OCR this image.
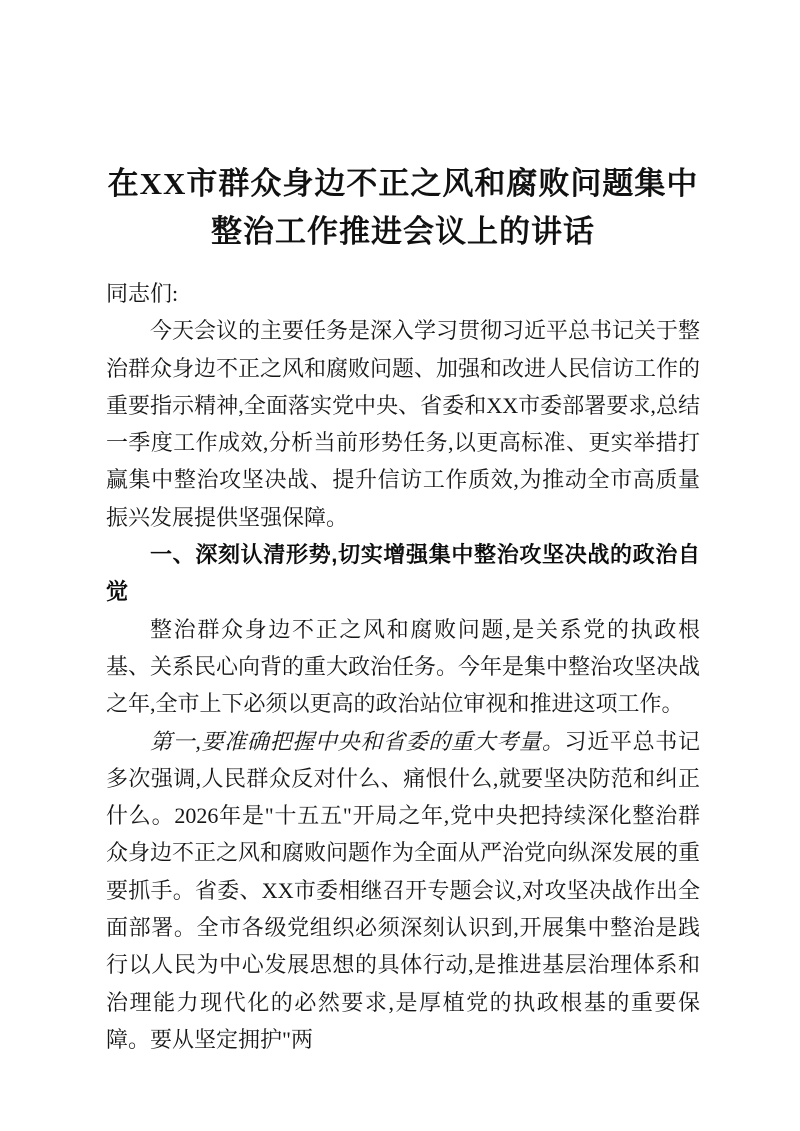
在XX市群众身边不正之风和腐败问题集中整治工作推进会议上的讲话

同志们:

今天会议的主要任务是深入学习贯彻习近平总书记关于整治群众身边不正之风和腐败问题、加强和改进人民信访工作的重要指示精神,全面落实党中央、省委和XX市委部署要求,总结一季度工作成效,分析当前形势任务,以更高标准、更实举措打赢集中整治攻坚决战、提升信访工作质效,为推动全市高质量振兴发展提供坚强保障。

一、深刻认清形势,切实增强集中整治攻坚决战的政治自觉

整治群众身边不正之风和腐败问题,是关系党的执政根基、关系民心向背的重大政治任务。今年是集中整治攻坚决战之年,全市上下必须以更高的政治站位审视和推进这项工作。

第一,要准确把握中央和省委的重大考量。习近平总书记多次强调,人民群众反对什么、痛恨什么,就要坚决防范和纠正什么。2026年是"十五五"开局之年,党中央把持续深化整治群众身边不正之风和腐败问题作为全面从严治党向纵深发展的重要抓手。省委、XX市委相继召开专题会议,对攻坚决战作出全面部署。全市各级党组织必须深刻认识到,开展集中整治是践行以人民为中心发展思想的具体行动,是推进基层治理体系和治理能力现代化的必然要求,是厚植党的执政根基的重要保障。要从坚定拥护"两
